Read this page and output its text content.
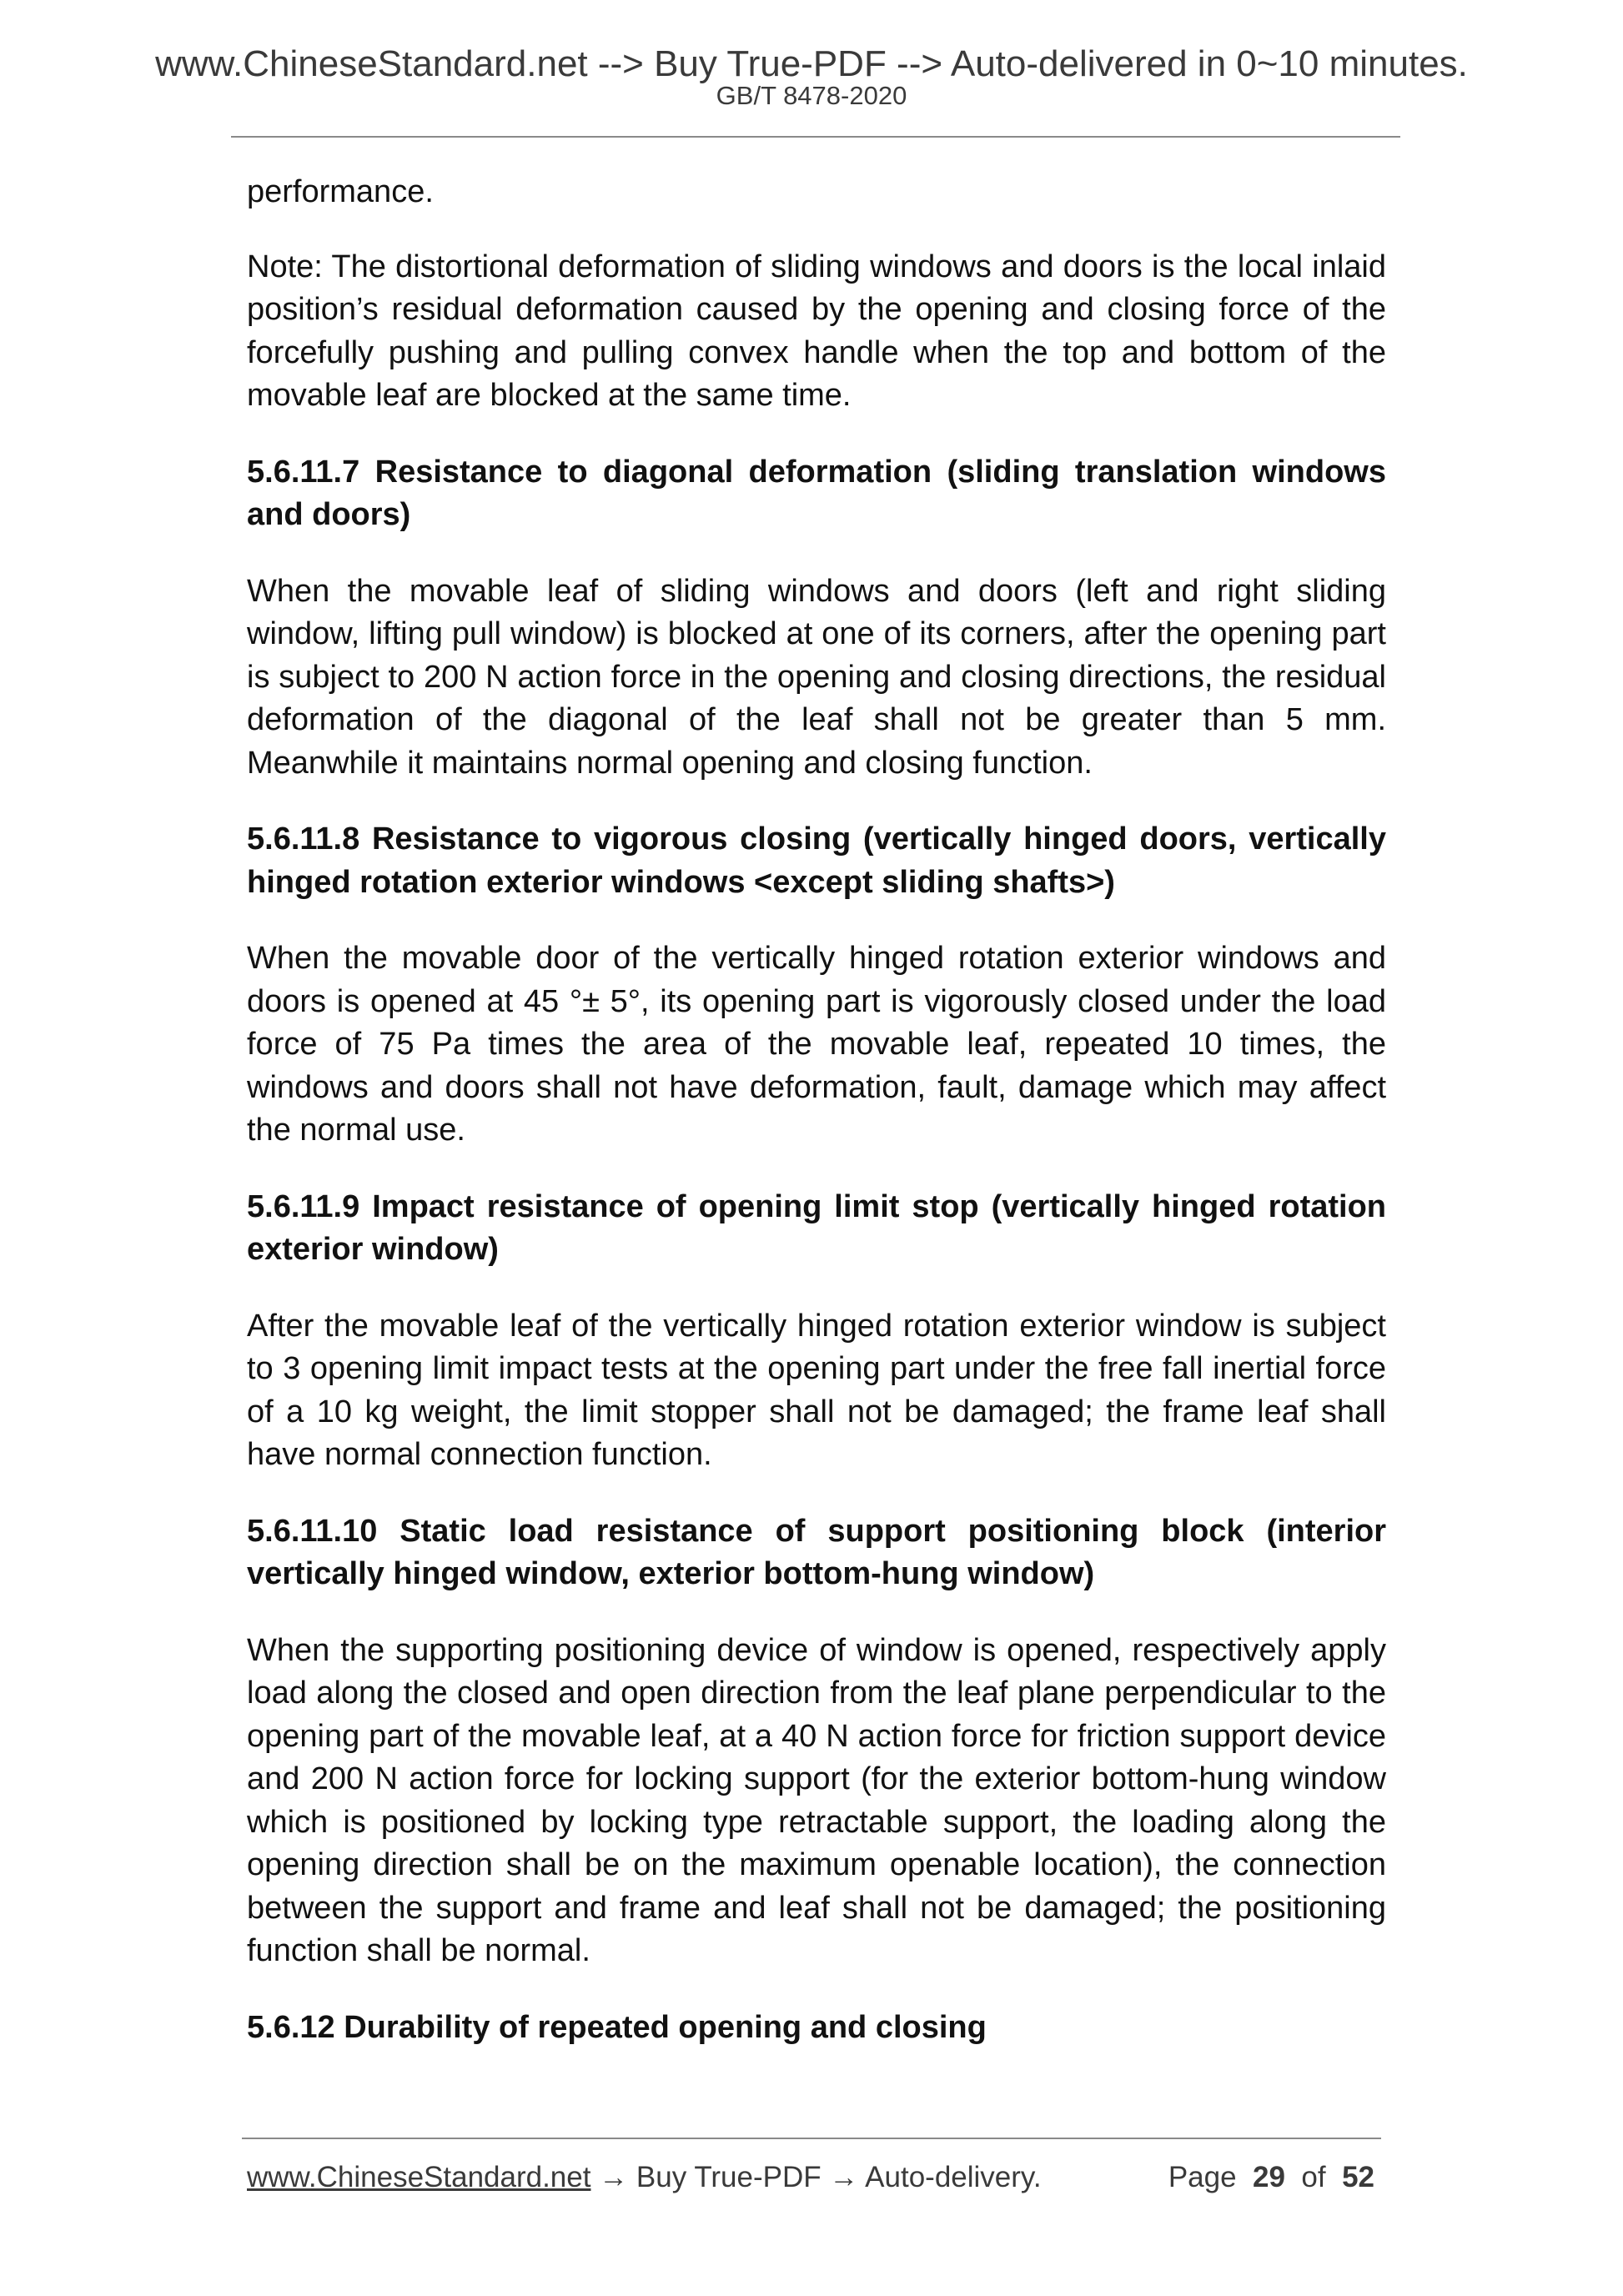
www.ChineseStandard.net --> Buy True-PDF --> Auto-delivered in 0~10 minutes.
GB/T 8478-2020

performance.

Note: The distortional deformation of sliding windows and doors is the local inlaid position’s residual deformation caused by the opening and closing force of the forcefully pushing and pulling convex handle when the top and bottom of the movable leaf are blocked at the same time.

5.6.11.7 Resistance to diagonal deformation (sliding translation windows and doors)

When the movable leaf of sliding windows and doors (left and right sliding window, lifting pull window) is blocked at one of its corners, after the opening part is subject to 200 N action force in the opening and closing directions, the residual deformation of the diagonal of the leaf shall not be greater than 5 mm. Meanwhile it maintains normal opening and closing function.

5.6.11.8 Resistance to vigorous closing (vertically hinged doors, vertically hinged rotation exterior windows <except sliding shafts>)

When the movable door of the vertically hinged rotation exterior windows and doors is opened at 45 °± 5°, its opening part is vigorously closed under the load force of 75 Pa times the area of the movable leaf, repeated 10 times, the windows and doors shall not have deformation, fault, damage which may affect the normal use.

5.6.11.9 Impact resistance of opening limit stop (vertically hinged rotation exterior window)

After the movable leaf of the vertically hinged rotation exterior window is subject to 3 opening limit impact tests at the opening part under the free fall inertial force of a 10 kg weight, the limit stopper shall not be damaged; the frame leaf shall have normal connection function.

5.6.11.10 Static load resistance of support positioning block (interior vertically hinged window, exterior bottom-hung window)

When the supporting positioning device of window is opened, respectively apply load along the closed and open direction from the leaf plane perpendicular to the opening part of the movable leaf, at a 40 N action force for friction support device and 200 N action force for locking support (for the exterior bottom-hung window which is positioned by locking type retractable support, the loading along the opening direction shall be on the maximum openable location), the connection between the support and frame and leaf shall not be damaged; the positioning function shall be normal.

5.6.12 Durability of repeated opening and closing
www.ChineseStandard.net → Buy True-PDF → Auto-delivery.	Page 29 of 52
